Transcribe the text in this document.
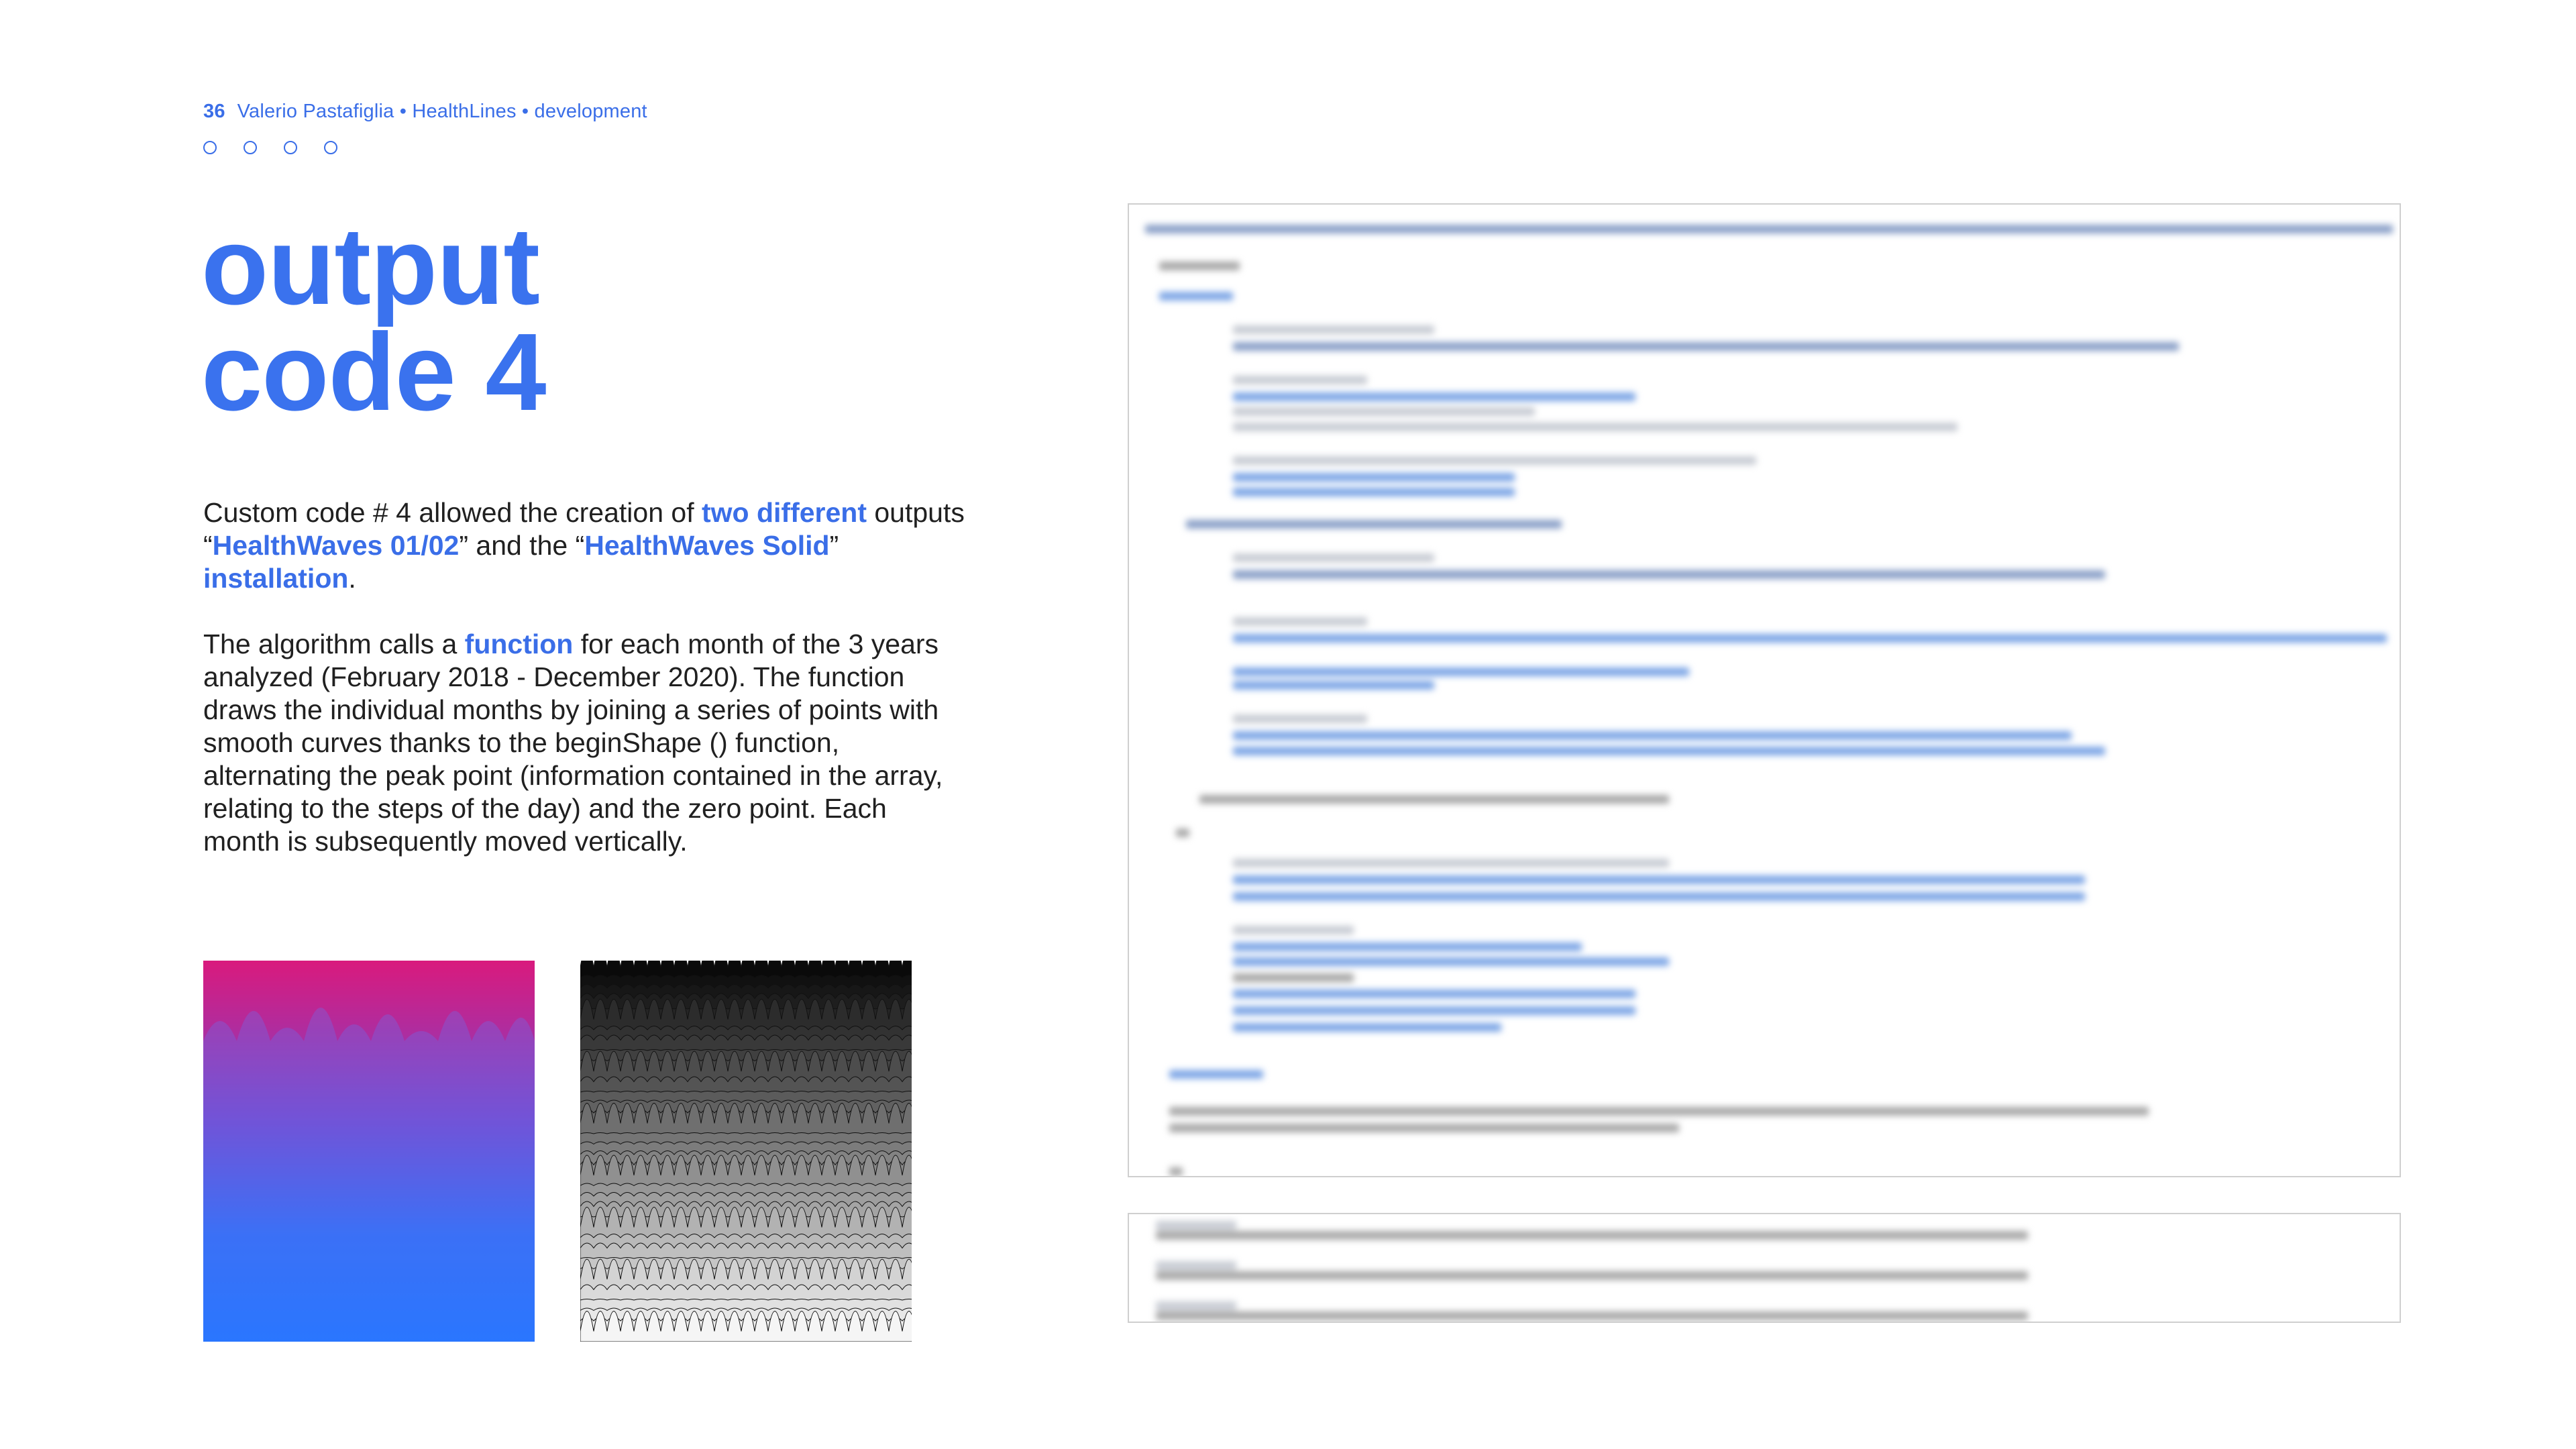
36 Valerio Pastafiglia • HealthLines • development
output
code 4

Custom code # 4 allowed the creation of two different outputs “HealthWaves 01/02” and the “HealthWaves Solid” installation.

The algorithm calls a function for each month of the 3 years analyzed (February 2018 - December 2020). The function draws the individual months by joining a series of points with smooth curves thanks to the beginShape () function, alternating the peak point (information contained in the array, relating to the steps of the day) and the zero point. Each month is subsequently moved vertically.
